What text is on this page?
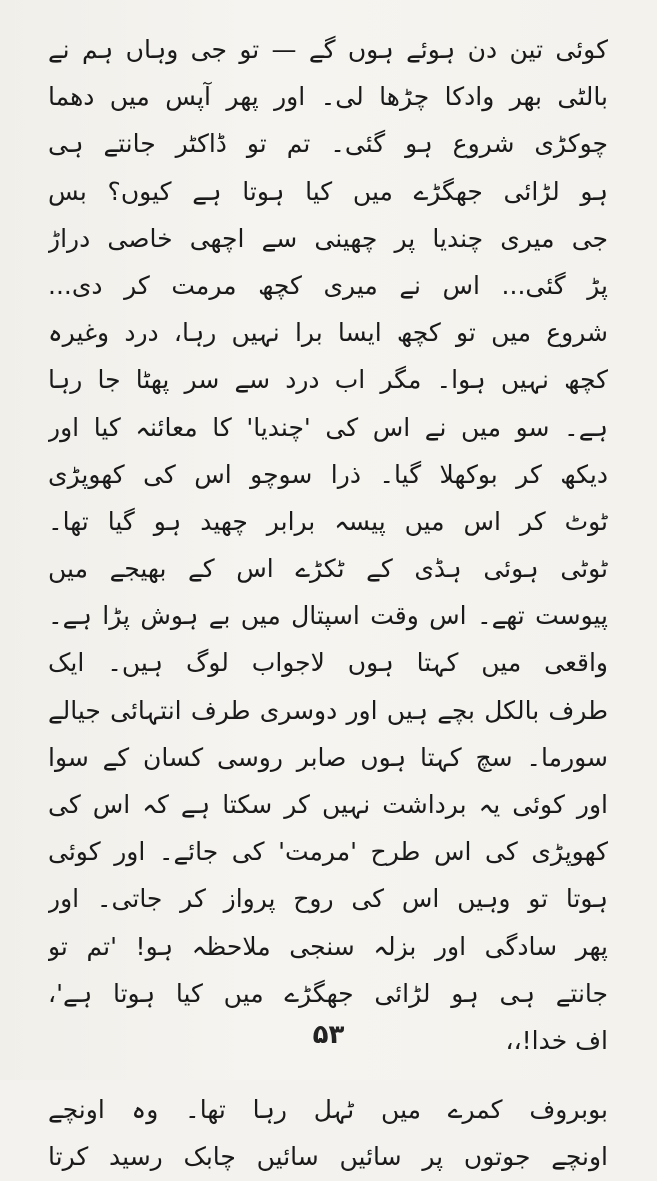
کوئی تین دن ہوئے ہوں گے — تو جی وہاں ہم نے
بالٹی بھر وادکا چڑھا لی۔ اور پھر آپس میں دھما
چوکڑی شروع ہو گئی۔ تم تو ڈاکٹر جانتے ہی
ہو لڑائی جھگڑے میں کیا ہوتا ہے کیوں؟ بس
جی میری چندیا پر چھینی سے اچھی خاصی دراڑ
پڑ گئی... اس نے میری کچھ مرمت کر دی...
شروع میں تو کچھ ایسا برا نہیں رہا، درد وغیرہ
کچھ نہیں ہوا۔ مگر اب درد سے سر پھٹا جا رہا
ہے۔ سو میں نے اس کی 'چندیا' کا معائنہ کیا اور
دیکھ کر بوکھلا گیا۔ ذرا سوچو اس کی کھوپڑی
ٹوٹ کر اس میں پیسہ برابر چھید ہو گیا تھا۔
ٹوٹی ہوئی ہڈی کے ٹکڑے اس کے بھیجے میں
پیوست تھے۔ اس وقت اسپتال میں بے ہوش پڑا ہے۔
واقعی میں کہتا ہوں لاجواب لوگ ہیں۔ ایک
طرف بالکل بچے ہیں اور دوسری طرف انتہائی جیالے
سورما۔ سچ کہتا ہوں صابر روسی کسان کے سوا
اور کوئی یہ برداشت نہیں کر سکتا ہے کہ اس کی
کھوپڑی کی اس طرح 'مرمت' کی جائے۔ اور کوئی
ہوتا تو وہیں اس کی روح پرواز کر جاتی۔ اور
پھر سادگی اور بزلہ سنجی ملاحظہ ہو! 'تم تو
جانتے ہی ہو لڑائی جھگڑے میں کیا ہوتا ہے'،
اف خدا!،،
بوبروف کمرے میں ٹہل رہا تھا۔ وہ اونچے
اونچے جوتوں پر سائیں سائیں چابک رسید کرتا
۵۳
